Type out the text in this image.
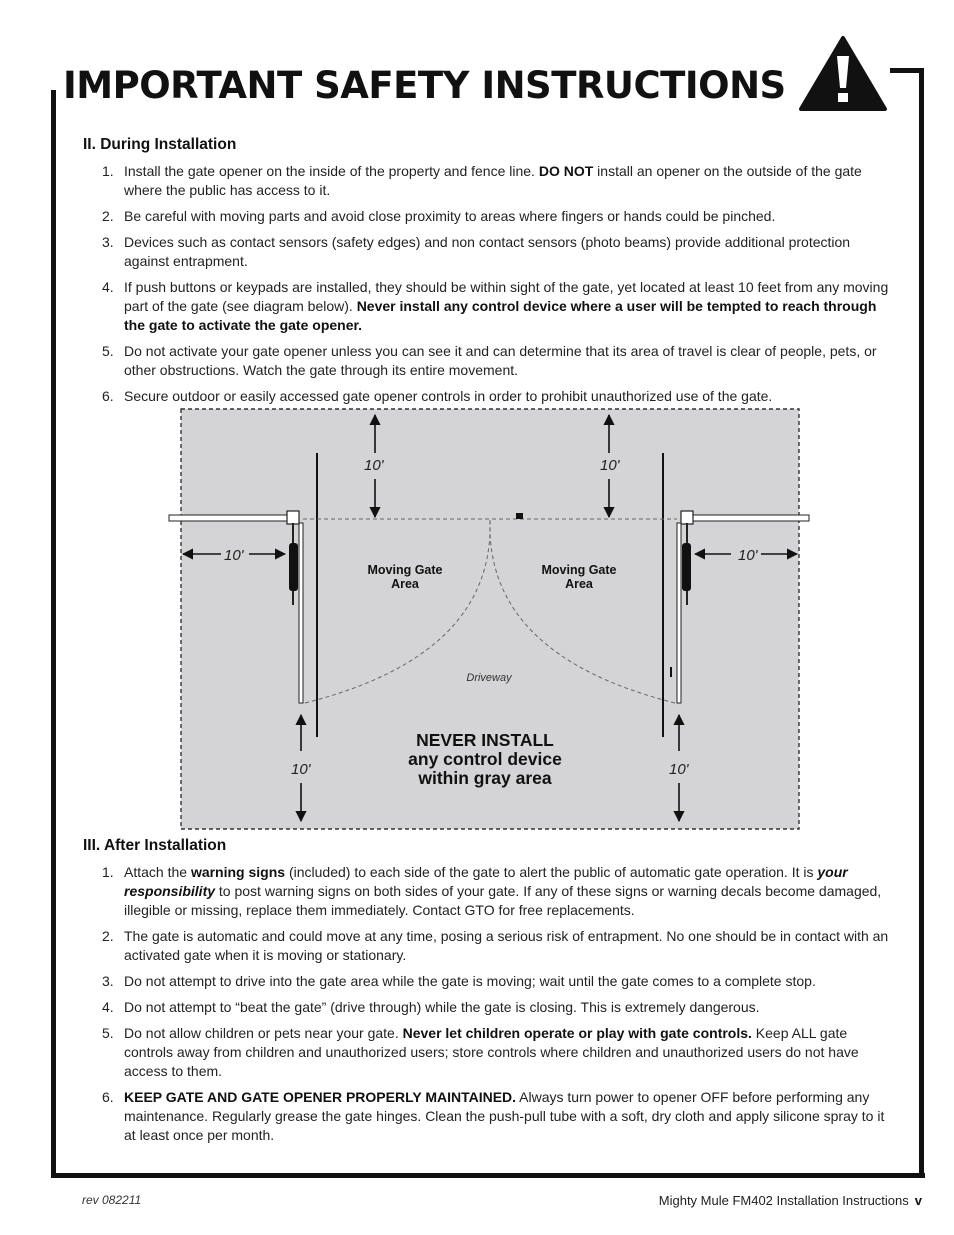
IMPORTANT SAFETY INSTRUCTIONS
II. During Installation
1. Install the gate opener on the inside of the property and fence line. DO NOT install an opener on the outside of the gate where the public has access to it.
2. Be careful with moving parts and avoid close proximity to areas where fingers or hands could be pinched.
3. Devices such as contact sensors (safety edges) and non contact sensors (photo beams) provide additional protection against entrapment.
4. If push buttons or keypads are installed, they should be within sight of the gate, yet located at least 10 feet from any moving part of the gate (see diagram below). Never install any control device where a user will be tempted to reach through the gate to activate the gate opener.
5. Do not activate your gate opener unless you can see it and can determine that its area of travel is clear of people, pets, or other obstructions. Watch the gate through its entire movement.
6. Secure outdoor or easily accessed gate opener controls in order to prohibit unauthorized use of the gate.
10'	10'
10'	10'
10'	10'
Moving Gate
Area
Moving Gate
Area
Driveway
NEVER INSTALL
any control device
within gray area
III. After Installation
1. Attach the warning signs (included) to each side of the gate to alert the public of automatic gate operation. It is your responsibility to post warning signs on both sides of your gate. If any of these signs or warning decals become damaged, illegible or missing, replace them immediately. Contact GTO for free replacements.
2. The gate is automatic and could move at any time, posing a serious risk of entrapment. No one should be in contact with an activated gate when it is moving or stationary.
3. Do not attempt to drive into the gate area while the gate is moving; wait until the gate comes to a complete stop.
4. Do not attempt to “beat the gate” (drive through) while the gate is closing. This is extremely dangerous.
5. Do not allow children or pets near your gate. Never let children operate or play with gate controls. Keep ALL gate controls away from children and unauthorized users; store controls where children and unauthorized users do not have access to them.
6. KEEP GATE AND GATE OPENER PROPERLY MAINTAINED. Always turn power to opener OFF before performing any maintenance. Regularly grease the gate hinges. Clean the push-pull tube with a soft, dry cloth and apply silicone spray to it at least once per month.
rev 082211	Mighty Mule FM402 Installation Instructions v
